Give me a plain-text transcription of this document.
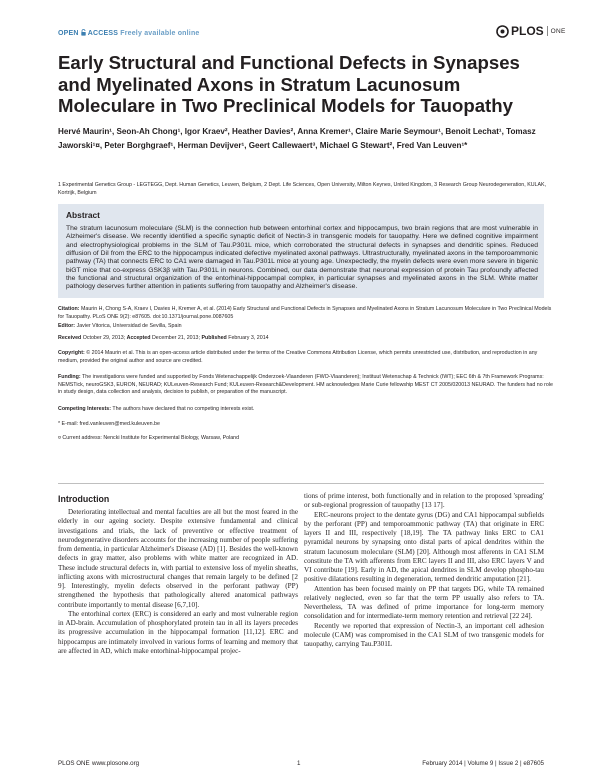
OPEN ACCESS Freely available online	PLOS ONE
Early Structural and Functional Defects in Synapses and Myelinated Axons in Stratum Lacunosum Moleculare in Two Preclinical Models for Tauopathy
Hervé Maurin¹, Seon-Ah Chong¹, Igor Kraev², Heather Davies², Anna Kremer¹, Claire Marie Seymour¹, Benoit Lechat¹, Tomasz Jaworski¹¤, Peter Borghgraef¹, Herman Devijver¹, Geert Callewaert³, Michael G Stewart², Fred Van Leuven¹*
1 Experimental Genetics Group - LEGTEGG, Dept. Human Genetics, Leuven, Belgium, 2 Dept. Life Sciences, Open University, Milton Keynes, United Kingdom, 3 Research Group Neurodegeneration, KULAK, Kortrijk, Belgium
Abstract
The stratum lacunosum moleculare (SLM) is the connection hub between entorhinal cortex and hippocampus, two brain regions that are most vulnerable in Alzheimer's disease. We recently identified a specific synaptic deficit of Nectin-3 in transgenic models for tauopathy. Here we defined cognitive impairment and electrophysiological problems in the SLM of Tau.P301L mice, which corroborated the structural defects in synapses and dendritic spines. Reduced diffusion of DiI from the ERC to the hippocampus indicated defective myelinated axonal pathways. Ultrastructurally, myelinated axons in the temporoammonic pathway (TA) that connects ERC to CA1 were damaged in Tau.P301L mice at young age. Unexpectedly, the myelin defects were even more severe in bigenic biGT mice that co-express GSK3β with Tau.P301L in neurons. Combined, our data demonstrate that neuronal expression of protein Tau profoundly affected the functional and structural organization of the entorhinal-hippocampal complex, in particular synapses and myelinated axons in the SLM. White matter pathology deserves further attention in patients suffering from tauopathy and Alzheimer's disease.
Citation: Maurin H, Chong S-A, Kraev I, Davies H, Kremer A, et al. (2014) Early Structural and Functional Defects in Synapses and Myelinated Axons in Stratum Lacunosum Moleculare in Two Preclinical Models for Tauopathy. PLoS ONE 9(2): e87605. doi:10.1371/journal.pone.0087605
Editor: Javier Vitorica, Universidad de Sevilla, Spain
Received October 29, 2013; Accepted December 21, 2013; Published February 3, 2014
Copyright: © 2014 Maurin et al. This is an open-access article distributed under the terms of the Creative Commons Attribution License, which permits unrestricted use, distribution, and reproduction in any medium, provided the original author and source are credited.
Funding: The investigations were funded and supported by Fonds Wetenschappelijk Onderzoek-Vlaanderen (FWO-Vlaanderen); Instituut Wetenschap & Technick (IWT); EEC 6th & 7th Framework Programs: NEMSTick, neuroGSK3, EURON, NEURAD; KULeuven-Research Fund; KULeuven-Research&Development. HM acknowledges Marie Curie fellowship MEST CT 2005/020013 NEURAD. The funders had no role in study design, data collection and analysis, decision to publish, or preparation of the manuscript.
Competing Interests: The authors have declared that no competing interests exist.
* E-mail: fred.vanleuven@med.kuleuven.be
¤ Current address: Nencki Institute for Experimental Biology, Warsaw, Poland
Introduction

Deteriorating intellectual and mental faculties are all but the most feared in the elderly in our ageing society. Despite extensive fundamental and clinical investigations and trials, the lack of preventive or effective treatment of neurodegenerative disorders accounts for the increasing number of people suffering from dementia, in particular Alzheimer's Disease (AD) [1]. Besides the well-known defects in gray matter, also problems with white matter are recognized in AD. These include structural defects in, with partial to extensive loss of myelin sheaths, inflicting axons with microstructural changes that remain largely to be defined [2 9]. Interestingly, myelin defects observed in the perforant pathway (PP) strengthened the hypothesis that pathologically altered anatomical pathways contribute importantly to mental disease [6,7,10].

The entorhinal cortex (ERC) is considered an early and most vulnerable region in AD-brain. Accumulation of phosphorylated protein tau in all its layers precedes its progressive accumulation in the hippocampal formation [11,12]. ERC and hippocampus are intimately involved in various forms of learning and memory that are affected in AD, which make entorhinal-hippocampal projec-

tions of prime interest, both functionally and in relation to the proposed 'spreading' or sub-regional progression of tauopathy [13 17].

ERC-neurons project to the dentate gyrus (DG) and CA1 hippocampal subfields by the perforant (PP) and temporoammonic pathway (TA) that originate in ERC layers II and III, respectively [18,19]. The TA pathway links ERC to CA1 pyramidal neurons by synapsing onto distal parts of apical dendrites within the stratum lacunosum moleculare (SLM) [20]. Although most afferents in CA1 SLM constitute the TA with afferents from ERC layers II and III, also ERC layers V and VI contribute [19]. Early in AD, the apical dendrites in SLM develop phospho-tau positive dilatations resulting in degeneration, termed dendritic amputation [21].

Attention has been focused mainly on PP that targets DG, while TA remained relatively neglected, even so far that the term PP usually also refers to TA. Nevertheless, TA was defined of prime importance for long-term memory consolidation and for intermediate-term memory retention and retrieval [22 24].

Recently we reported that expression of Nectin-3, an important cell adhesion molecule (CAM) was compromised in the CA1 SLM of two transgenic models for tauopathy, carrying Tau.P301L

PLOS ONE www.plosone.org	1	February 2014 | Volume 9 | Issue 2 | e87605
